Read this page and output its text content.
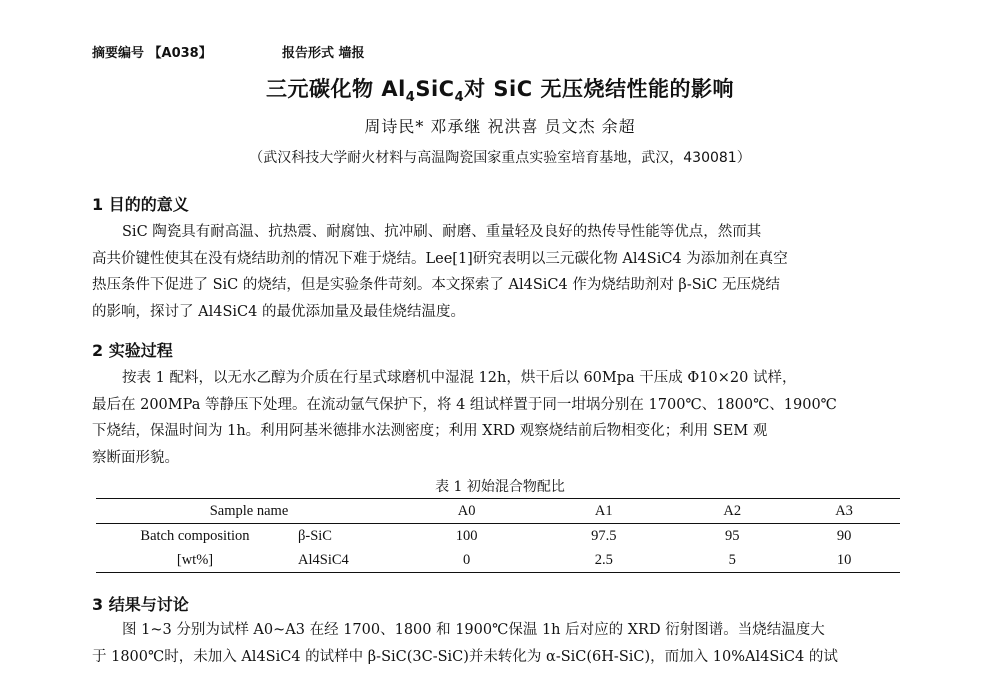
摘要编号 【A038】	报告形式 墙报
三元碳化物 $Al_4SiC_4$对 SiC 无压烧结性能的影响
周诗民* 邓承继 祝洪喜 员文杰 余超
（武汉科技大学耐火材料与高温陶瓷国家重点实验室培育基地，武汉，430081）
1 目的的意义
SiC 陶瓷具有耐高温、抗热震、耐腐蚀、抗冲刷、耐磨、重量轻及良好的热传导性能等优点，然而其
高共价键性使其在没有烧结助剂的情况下难于烧结。Lee[1]研究表明以三元碳化物 Al4SiC4 为添加剂在真空
热压条件下促进了 SiC 的烧结，但是实验条件苛刻。本文探索了 Al4SiC4 作为烧结助剂对 β-SiC 无压烧结
的影响，探讨了 Al4SiC4 的最优添加量及最佳烧结温度。
2 实验过程
按表 1 配料，以无水乙醇为介质在行星式球磨机中湿混 12h，烘干后以 60Mpa 干压成 Φ10×20 试样，
最后在 200MPa 等静压下处理。在流动氩气保护下，将 4 组试样置于同一坩埚分别在 1700℃、1800℃、1900℃
下烧结，保温时间为 1h。利用阿基米德排水法测密度；利用 XRD 观察烧结前后物相变化；利用 SEM 观
察断面形貌。
表 1 初始混合物配比
Sample name		A0	A1	A2	A3
Batch composition	β-SiC	100	97.5	95	90
[wt%]	Al4SiC4	0	2.5	5	10
3 结果与讨论
图 1~3 分别为试样 A0~A3 在经 1700、1800 和 1900℃保温 1h 后对应的 XRD 衍射图谱。当烧结温度大
于 1800℃时，未加入 Al4SiC4 的试样中 β-SiC(3C-SiC)并未转化为 α-SiC(6H-SiC)，而加入 10%Al4SiC4 的试
